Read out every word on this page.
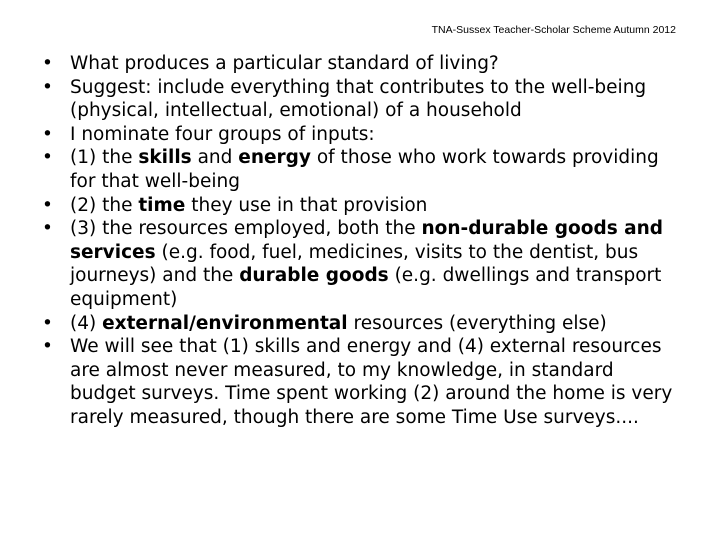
TNA-Sussex Teacher-Scholar Scheme Autumn 2012
• What produces a particular standard of living?
• Suggest: include everything that contributes to the well-being (physical, intellectual, emotional) of a household
• I nominate four groups of inputs:
• (1) the skills and energy of those who work towards providing for that well-being
• (2) the time they use in that provision
• (3) the resources employed, both the non-durable goods and services (e.g. food, fuel, medicines, visits to the dentist, bus journeys) and the durable goods (e.g. dwellings and transport equipment)
• (4) external/environmental resources (everything else)
• We will see that (1) skills and energy and (4) external resources are almost never measured, to my knowledge, in standard budget surveys. Time spent working (2) around the home is very rarely measured, though there are some Time Use surveys....
